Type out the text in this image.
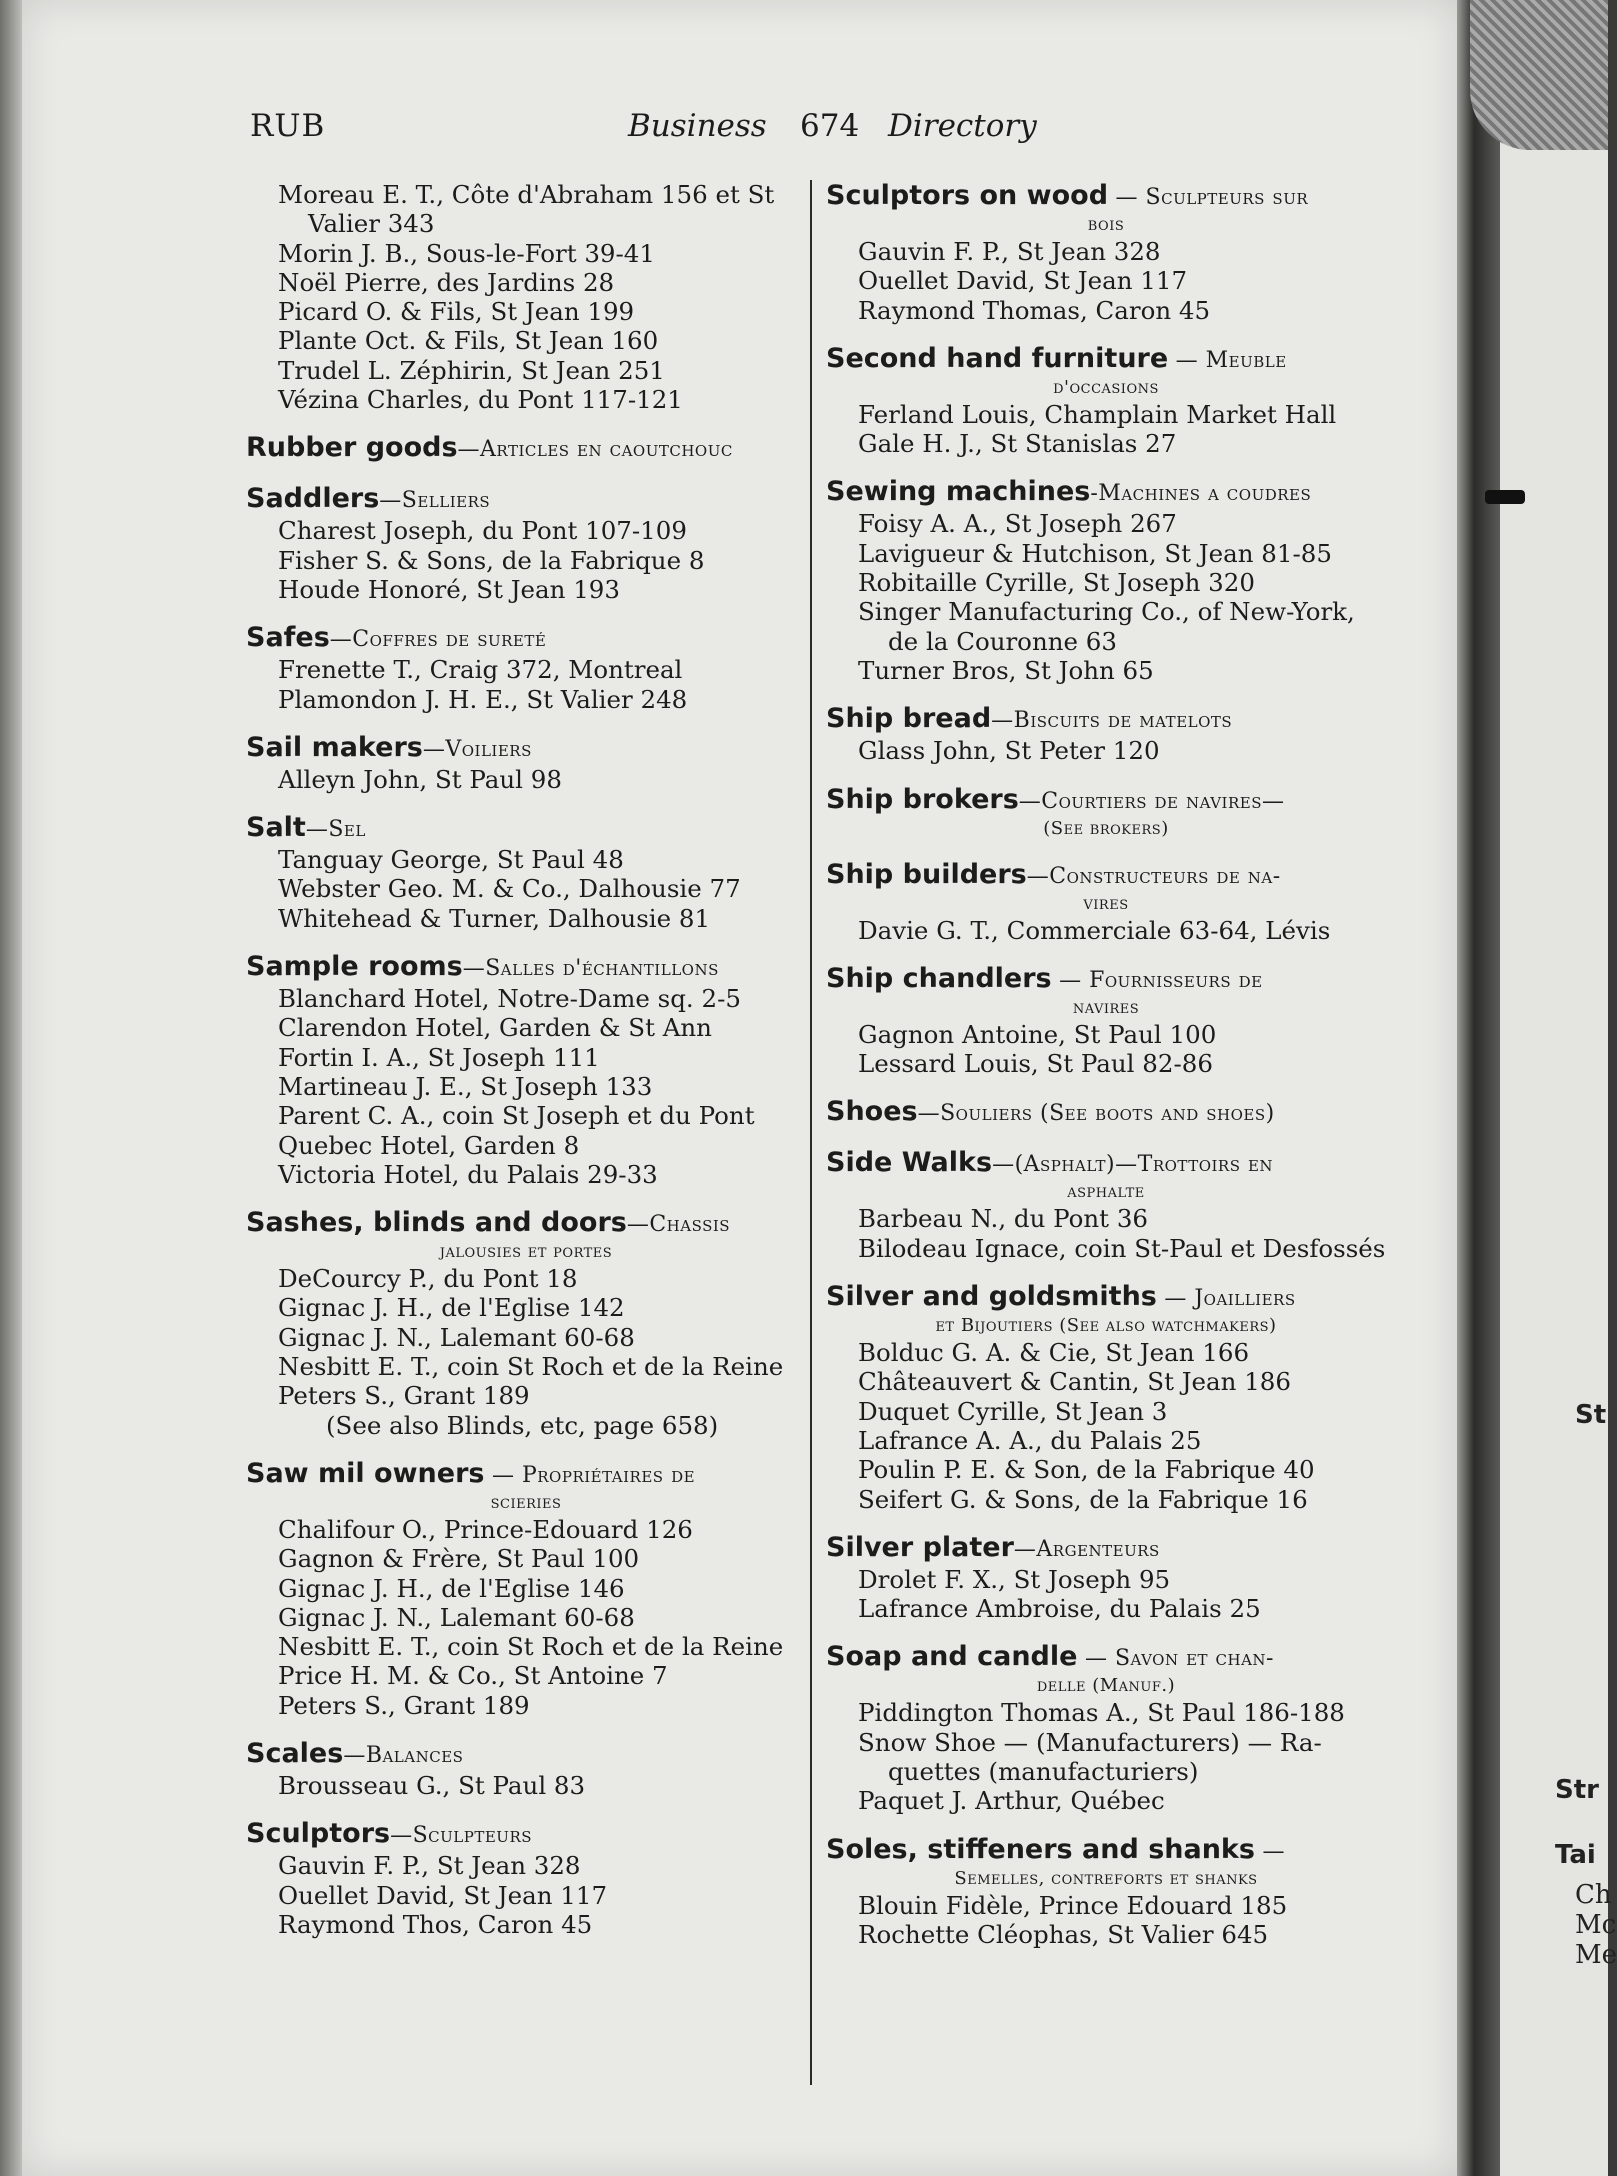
RUB	Business 674 Directory
Moreau E. T., Côte d'Abraham 156 et St
Valier 343
Morin J. B., Sous-le-Fort 39-41
Noël Pierre, des Jardins 28
Picard O. & Fils, St Jean 199
Plante Oct. & Fils, St Jean 160
Trudel L. Zéphirin, St Jean 251
Vézina Charles, du Pont 117-121
Rubber goods—Articles en caoutchouc
Saddlers—Selliers
Charest Joseph, du Pont 107-109
Fisher S. & Sons, de la Fabrique 8
Houde Honoré, St Jean 193
Safes—Coffres de sureté
Frenette T., Craig 372, Montreal
Plamondon J. H. E., St Valier 248
Sail makers—Voiliers
Alleyn John, St Paul 98
Salt—Sel
Tanguay George, St Paul 48
Webster Geo. M. & Co., Dalhousie 77
Whitehead & Turner, Dalhousie 81
Sample rooms—Salles d'échantillons
Blanchard Hotel, Notre-Dame sq. 2-5
Clarendon Hotel, Garden & St Ann
Fortin I. A., St Joseph 111
Martineau J. E., St Joseph 133
Parent C. A., coin St Joseph et du Pont
Quebec Hotel, Garden 8
Victoria Hotel, du Palais 29-33
Sashes, blinds and doors—Chassis
jalousies et portes
DeCourcy P., du Pont 18
Gignac J. H., de l'Eglise 142
Gignac J. N., Lalemant 60-68
Nesbitt E. T., coin St Roch et de la Reine
Peters S., Grant 189
(See also Blinds, etc, page 658)
Saw mil owners — Propriétaires de
scieries
Chalifour O., Prince-Edouard 126
Gagnon & Frère, St Paul 100
Gignac J. H., de l'Eglise 146
Gignac J. N., Lalemant 60-68
Nesbitt E. T., coin St Roch et de la Reine
Price H. M. & Co., St Antoine 7
Peters S., Grant 189
Scales—Balances
Brousseau G., St Paul 83
Sculptors—Sculpteurs
Gauvin F. P., St Jean 328
Ouellet David, St Jean 117
Raymond Thos, Caron 45
Sculptors on wood — Sculpteurs sur
bois
Gauvin F. P., St Jean 328
Ouellet David, St Jean 117
Raymond Thomas, Caron 45
Second hand furniture — Meuble
d'occasions
Ferland Louis, Champlain Market Hall
Gale H. J., St Stanislas 27
Sewing machines-Machines a coudres
Foisy A. A., St Joseph 267
Lavigueur & Hutchison, St Jean 81-85
Robitaille Cyrille, St Joseph 320
Singer Manufacturing Co., of New-York,
de la Couronne 63
Turner Bros, St John 65
Ship bread—Biscuits de matelots
Glass John, St Peter 120
Ship brokers—Courtiers de navires—
(See brokers)
Ship builders—Constructeurs de na-
vires
Davie G. T., Commerciale 63-64, Lévis
Ship chandlers — Fournisseurs de
navires
Gagnon Antoine, St Paul 100
Lessard Louis, St Paul 82-86
Shoes—Souliers (See boots and shoes)
Side Walks—(Asphalt)—Trottoirs en
asphalte
Barbeau N., du Pont 36
Bilodeau Ignace, coin St-Paul et Desfossés
Silver and goldsmiths — Joailliers
et Bijoutiers (See also watchmakers)
Bolduc G. A. & Cie, St Jean 166
Châteauvert & Cantin, St Jean 186
Duquet Cyrille, St Jean 3
Lafrance A. A., du Palais 25
Poulin P. E. & Son, de la Fabrique 40
Seifert G. & Sons, de la Fabrique 16
Silver plater—Argenteurs
Drolet F. X., St Joseph 95
Lafrance Ambroise, du Palais 25
Soap and candle — Savon et chan-
delle (Manuf.)
Piddington Thomas A., St Paul 186-188
Snow Shoe — (Manufacturers) — Ra-
quettes (manufacturiers)
Paquet J. Arthur, Québec
Soles, stiffeners and shanks —
Semelles, contreforts et shanks
Blouin Fidèle, Prince Edouard 185
Rochette Cléophas, St Valier 645
St
Str
Tai
Ch
Mc
Me
